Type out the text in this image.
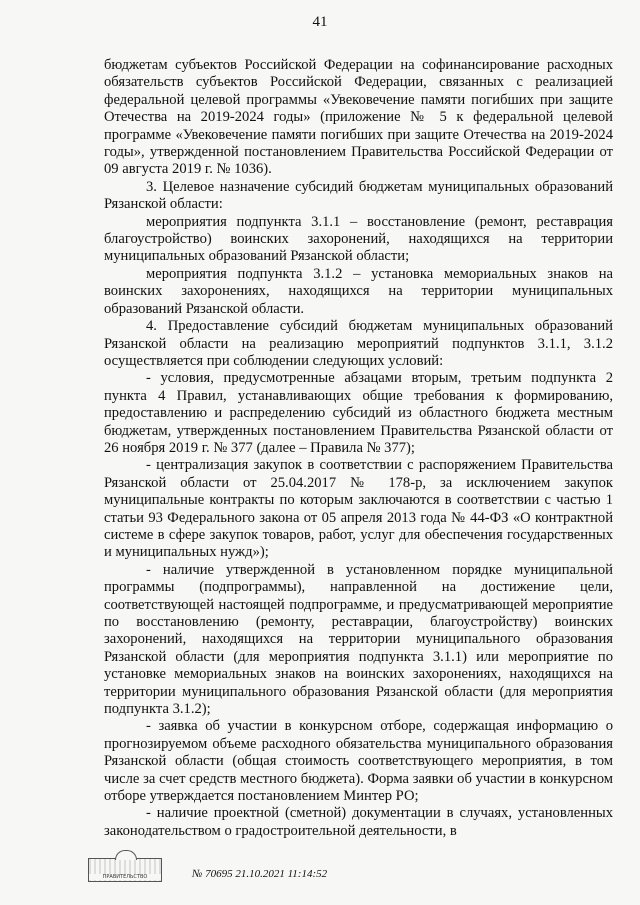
41

бюджетам субъектов Российской Федерации на софинансирование расходных обязательств субъектов Российской Федерации, связанных с реализацией федеральной целевой программы «Увековечение памяти погибших при защите Отечества на 2019-2024 годы» (приложение № 5 к федеральной целевой программе «Увековечение памяти погибших при защите Отечества на 2019-2024 годы», утвержденной постановлением Правительства Российской Федерации от 09 августа 2019 г. № 1036).

3. Целевое назначение субсидий бюджетам муниципальных образований Рязанской области:

мероприятия подпункта 3.1.1 – восстановление (ремонт, реставрация благоустройство) воинских захоронений, находящихся на территории муниципальных образований Рязанской области;

мероприятия подпункта 3.1.2 – установка мемориальных знаков на воинских захоронениях, находящихся на территории муниципальных образований Рязанской области.

4. Предоставление субсидий бюджетам муниципальных образований Рязанской области на реализацию мероприятий подпунктов 3.1.1, 3.1.2 осуществляется при соблюдении следующих условий:

- условия, предусмотренные абзацами вторым, третьим подпункта 2 пункта 4 Правил, устанавливающих общие требования к формированию, предоставлению и распределению субсидий из областного бюджета местным бюджетам, утвержденных постановлением Правительства Рязанской области от 26 ноября 2019 г. № 377 (далее – Правила № 377);

- централизация закупок в соответствии с распоряжением Правительства Рязанской области от 25.04.2017 № 178-р, за исключением закупок муниципальные контракты по которым заключаются в соответствии с частью 1 статьи 93 Федерального закона от 05 апреля 2013 года № 44-ФЗ «О контрактной системе в сфере закупок товаров, работ, услуг для обеспечения государственных и муниципальных нужд»);

- наличие утвержденной в установленном порядке муниципальной программы (подпрограммы), направленной на достижение цели, соответствующей настоящей подпрограмме, и предусматривающей мероприятие по восстановлению (ремонту, реставрации, благоустройству) воинских захоронений, находящихся на территории муниципального образования Рязанской области (для мероприятия подпункта 3.1.1) или мероприятие по установке мемориальных знаков на воинских захоронениях, находящихся на территории муниципального образования Рязанской области (для мероприятия подпункта 3.1.2);

- заявка об участии в конкурсном отборе, содержащая информацию о прогнозируемом объеме расходного обязательства муниципального образования Рязанской области (общая стоимость соответствующего мероприятия, в том числе за счет средств местного бюджета). Форма заявки об участии в конкурсном отборе утверждается постановлением Минтер РО;

- наличие проектной (сметной) документации в случаях, установленных законодательством о градостроительной деятельности, в

ПРАВИТЕЛЬСТВО	№ 70695 21.10.2021 11:14:52
